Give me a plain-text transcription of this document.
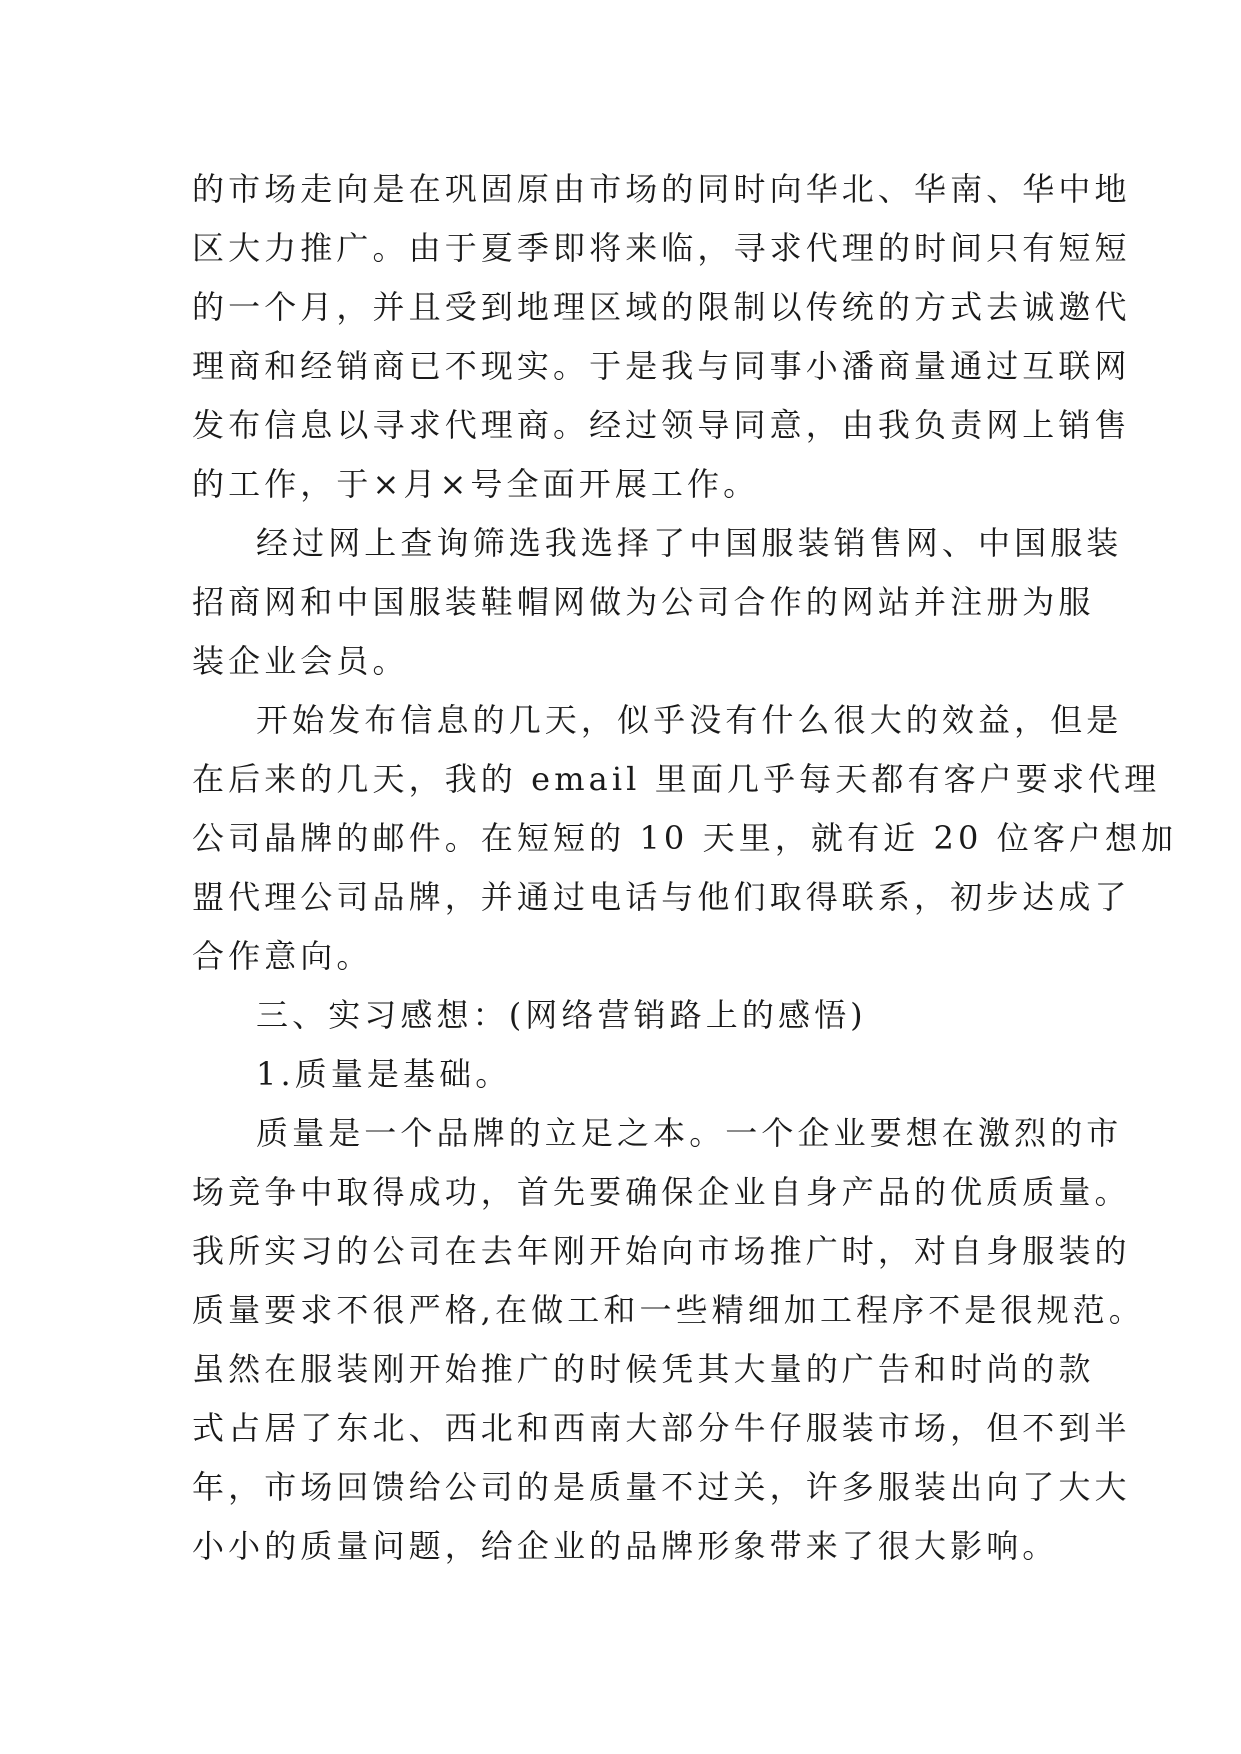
的市场走向是在巩固原由市场的同时向华北、华南、华中地
区大力推广。由于夏季即将来临，寻求代理的时间只有短短
的一个月，并且受到地理区域的限制以传统的方式去诚邀代
理商和经销商已不现实。于是我与同事小潘商量通过互联网
发布信息以寻求代理商。经过领导同意，由我负责网上销售
的工作，于×月×号全面开展工作。

经过网上查询筛选我选择了中国服装销售网、中国服装
招商网和中国服装鞋帽网做为公司合作的网站并注册为服
装企业会员。

开始发布信息的几天，似乎没有什么很大的效益，但是
在后来的几天，我的 email 里面几乎每天都有客户要求代理
公司晶牌的邮件。在短短的 10 天里，就有近 20 位客户想加
盟代理公司品牌，并通过电话与他们取得联系，初步达成了
合作意向。

三、实习感想：(网络营销路上的感悟)

1.质量是基础。

质量是一个品牌的立足之本。一个企业要想在激烈的市
场竞争中取得成功，首先要确保企业自身产品的优质质量。
我所实习的公司在去年刚开始向市场推广时，对自身服装的
质量要求不很严格,在做工和一些精细加工程序不是很规范。
虽然在服装刚开始推广的时候凭其大量的广告和时尚的款
式占居了东北、西北和西南大部分牛仔服装市场，但不到半
年，市场回馈给公司的是质量不过关，许多服装出向了大大
小小的质量问题，给企业的品牌形象带来了很大影响。
